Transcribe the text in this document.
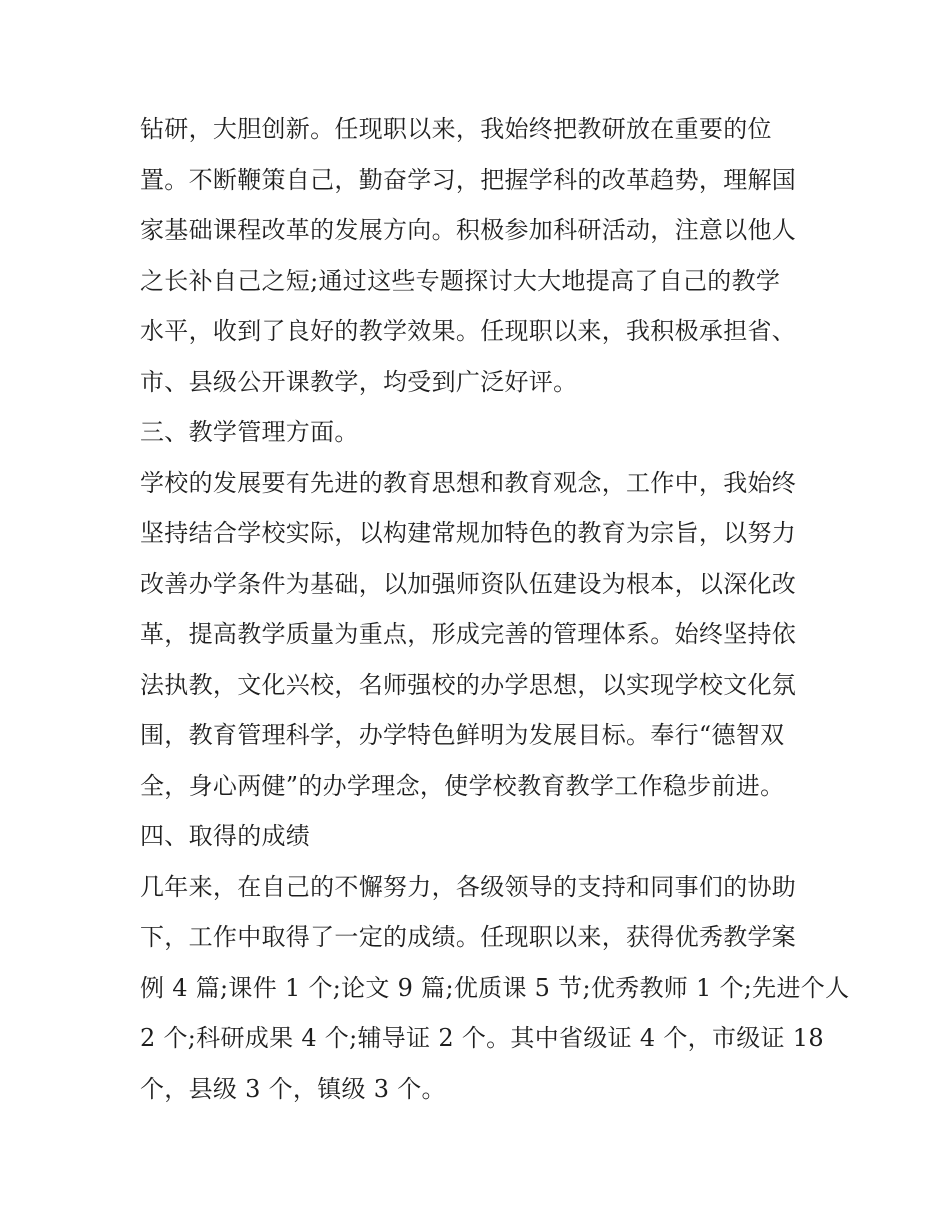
钻研，大胆创新。任现职以来，我始终把教研放在重要的位
置。不断鞭策自己，勤奋学习，把握学科的改革趋势，理解国
家基础课程改革的发展方向。积极参加科研活动，注意以他人
之长补自己之短;通过这些专题探讨大大地提高了自己的教学
水平，收到了良好的教学效果。任现职以来，我积极承担省、
市、县级公开课教学，均受到广泛好评。
三、教学管理方面。
学校的发展要有先进的教育思想和教育观念，工作中，我始终
坚持结合学校实际，以构建常规加特色的教育为宗旨，以努力
改善办学条件为基础，以加强师资队伍建设为根本，以深化改
革，提高教学质量为重点，形成完善的管理体系。始终坚持依
法执教，文化兴校，名师强校的办学思想，以实现学校文化氛
围，教育管理科学，办学特色鲜明为发展目标。奉行“德智双
全，身心两健”的办学理念，使学校教育教学工作稳步前进。
四、取得的成绩
几年来，在自己的不懈努力，各级领导的支持和同事们的协助
下，工作中取得了一定的成绩。任现职以来，获得优秀教学案
例 4 篇;课件 1 个;论文 9 篇;优质课 5 节;优秀教师 1 个;先进个人
2 个;科研成果 4 个;辅导证 2 个。其中省级证 4 个，市级证 18
个，县级 3 个，镇级 3 个。
